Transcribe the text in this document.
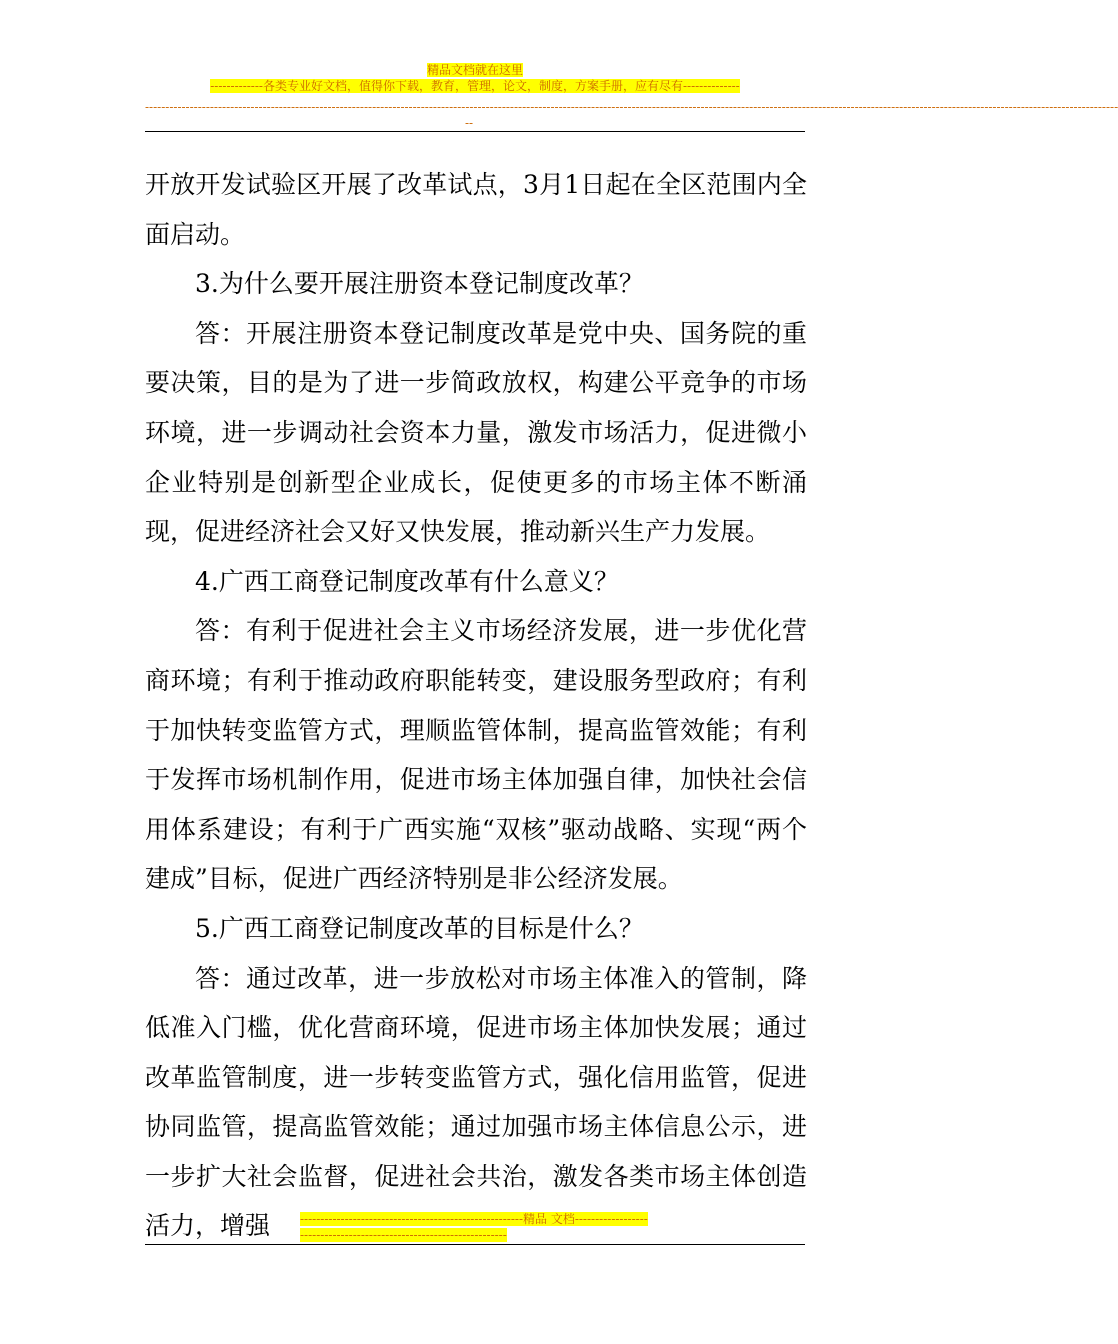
精品文档就在这里
-------------各类专业好文档，值得你下载，教育，管理，论文，制度，方案手册，应有尽有--------------
------------------------------------------------------------------------------------------------------------------------------------------------------------------------------------------------------------------------------------------------
--

开放开发试验区开展了改革试点，3月1日起在全区范围内全面启动。

3.为什么要开展注册资本登记制度改革？

答：开展注册资本登记制度改革是党中央、国务院的重要决策，目的是为了进一步简政放权，构建公平竞争的市场环境，进一步调动社会资本力量，激发市场活力，促进微小企业特别是创新型企业成长，促使更多的市场主体不断涌现，促进经济社会又好又快发展，推动新兴生产力发展。

4.广西工商登记制度改革有什么意义？

答：有利于促进社会主义市场经济发展，进一步优化营商环境；有利于推动政府职能转变，建设服务型政府；有利于加快转变监管方式，理顺监管体制，提高监管效能；有利于发挥市场机制作用，促进市场主体加强自律，加快社会信用体系建设；有利于广西实施“双核”驱动战略、实现“两个建成”目标，促进广西经济特别是非公经济发展。

5.广西工商登记制度改革的目标是什么？

答：通过改革，进一步放松对市场主体准入的管制，降低准入门槛，优化营商环境，促进市场主体加快发展；通过改革监管制度，进一步转变监管方式，强化信用监管，促进协同监管，提高监管效能；通过加强市场主体信息公示，进一步扩大社会监督，促进社会共治，激发各类市场主体创造活力，增强	-------------------------------------------------------精品 文档---------------------------------------------------------------------
